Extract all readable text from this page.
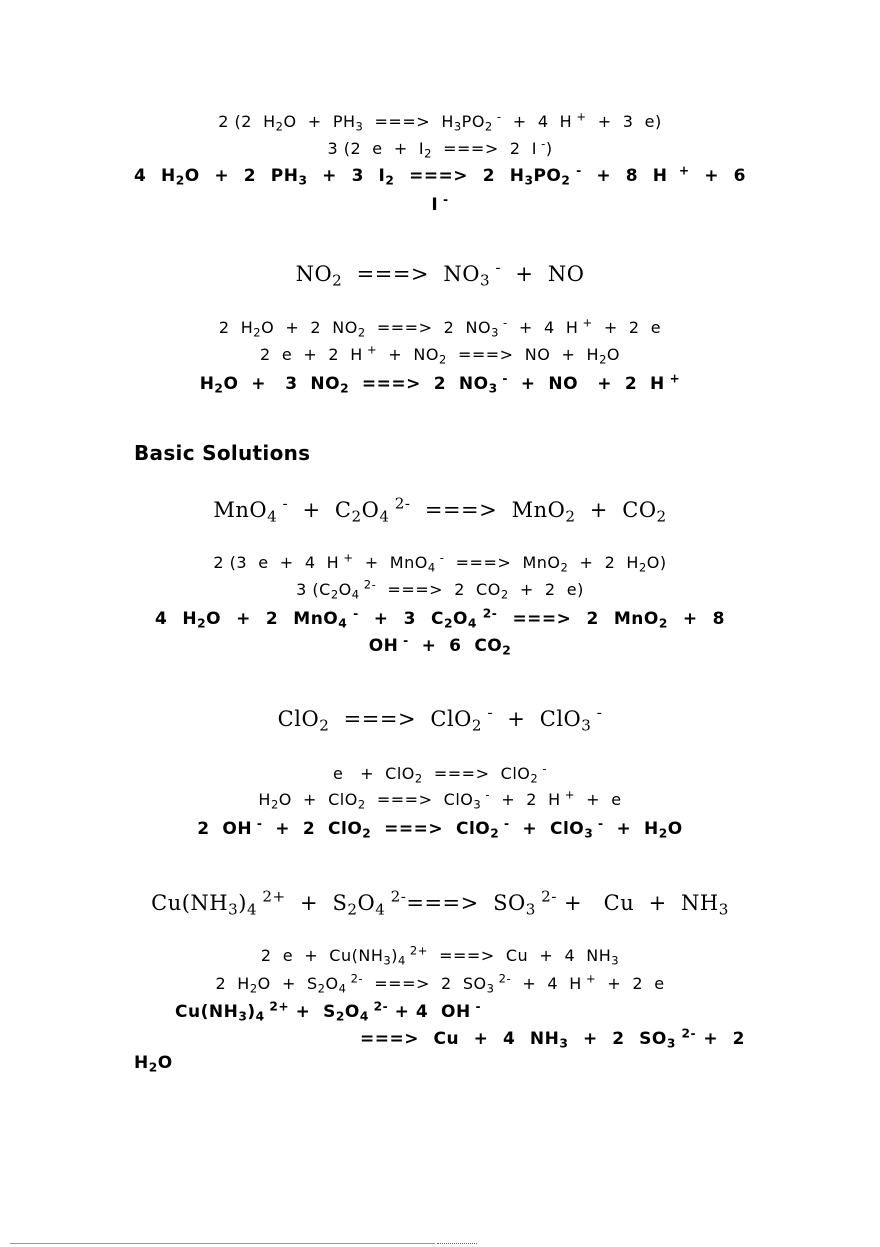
2 (2  $H_2O + PH_3$  ===>  $H_3PO_2$ -  +  4  H +  +  3  e)
3 (2  $e + I_2$  ===>  2  I -)
4  $H_2O + 2$  $PH_3 + 3$  $I_2$  ===>  2  $H_3PO_2$ -  +  8  H  +  +  6
I -
$NO_2$  ===>  $NO_3$ -  +  NO
2  $H_2O + 2$  $NO_2$  ===>  2  $NO_3$ -  +  4  H +  +  2  e
2  e  +  2  H $^+ + NO_2$  ===>  NO  +  $H_2O$
$H_2O + 3$  $NO_2$  ===>  2  $NO_3$ -  +  NO   +  2  H +
Basic Solutions
MnO$_4$ $^- + C_2O_4$ $^{2-}$  ===>  $MnO_2 + CO_2$
2 (3  e  +  4  H +  +  MnO$_4$ -  ===>  MnO$_2$  +  2  $H_2O$)
3 ($C_2O_4$ $^{2-}$  ===>  2  $CO_2 + 2$  e)
4  $H_2O + 2$  MnO$_4$ -  +  3  $C_2O_4$ $^{2-}$  ===>  2  MnO$_2$  +  8
OH -  +  6  $CO_2$
ClO$_2$  ===>  ClO$_2$ -  +  ClO$_3$ -
e   +  ClO$_2$  ===>  ClO$_2$ -
$H_2O + ClO_2$  ===>  ClO$_3$ -  +  2  H +  +  e
2  OH -  +  2  ClO$_2$  ===>  ClO$_2$ -  +  ClO$_3$ $^- + H_2O$
$Cu(NH_3)_4$ $^{2+} + S_2O_4$ $^{2-}===> SO_3$ $^{2-} + Cu + NH_3$
2  $e + Cu(NH_3)_4$ $^{2+}$  ===>  Cu  +  4  $NH_3$
2  $H_2O + S_2O_4$ $^{2-}$  ===>  2  $SO_3$ $^{2-}$  +  4  H +  +  2  e
$Cu(NH_3)_4$ $^{2+} + S_2O_4$ $^{2-}$ + 4  OH -
===>  Cu  +  4  $NH_3 + 2$  $SO_3$ $^{2-}$ +  2
$H_2O$
